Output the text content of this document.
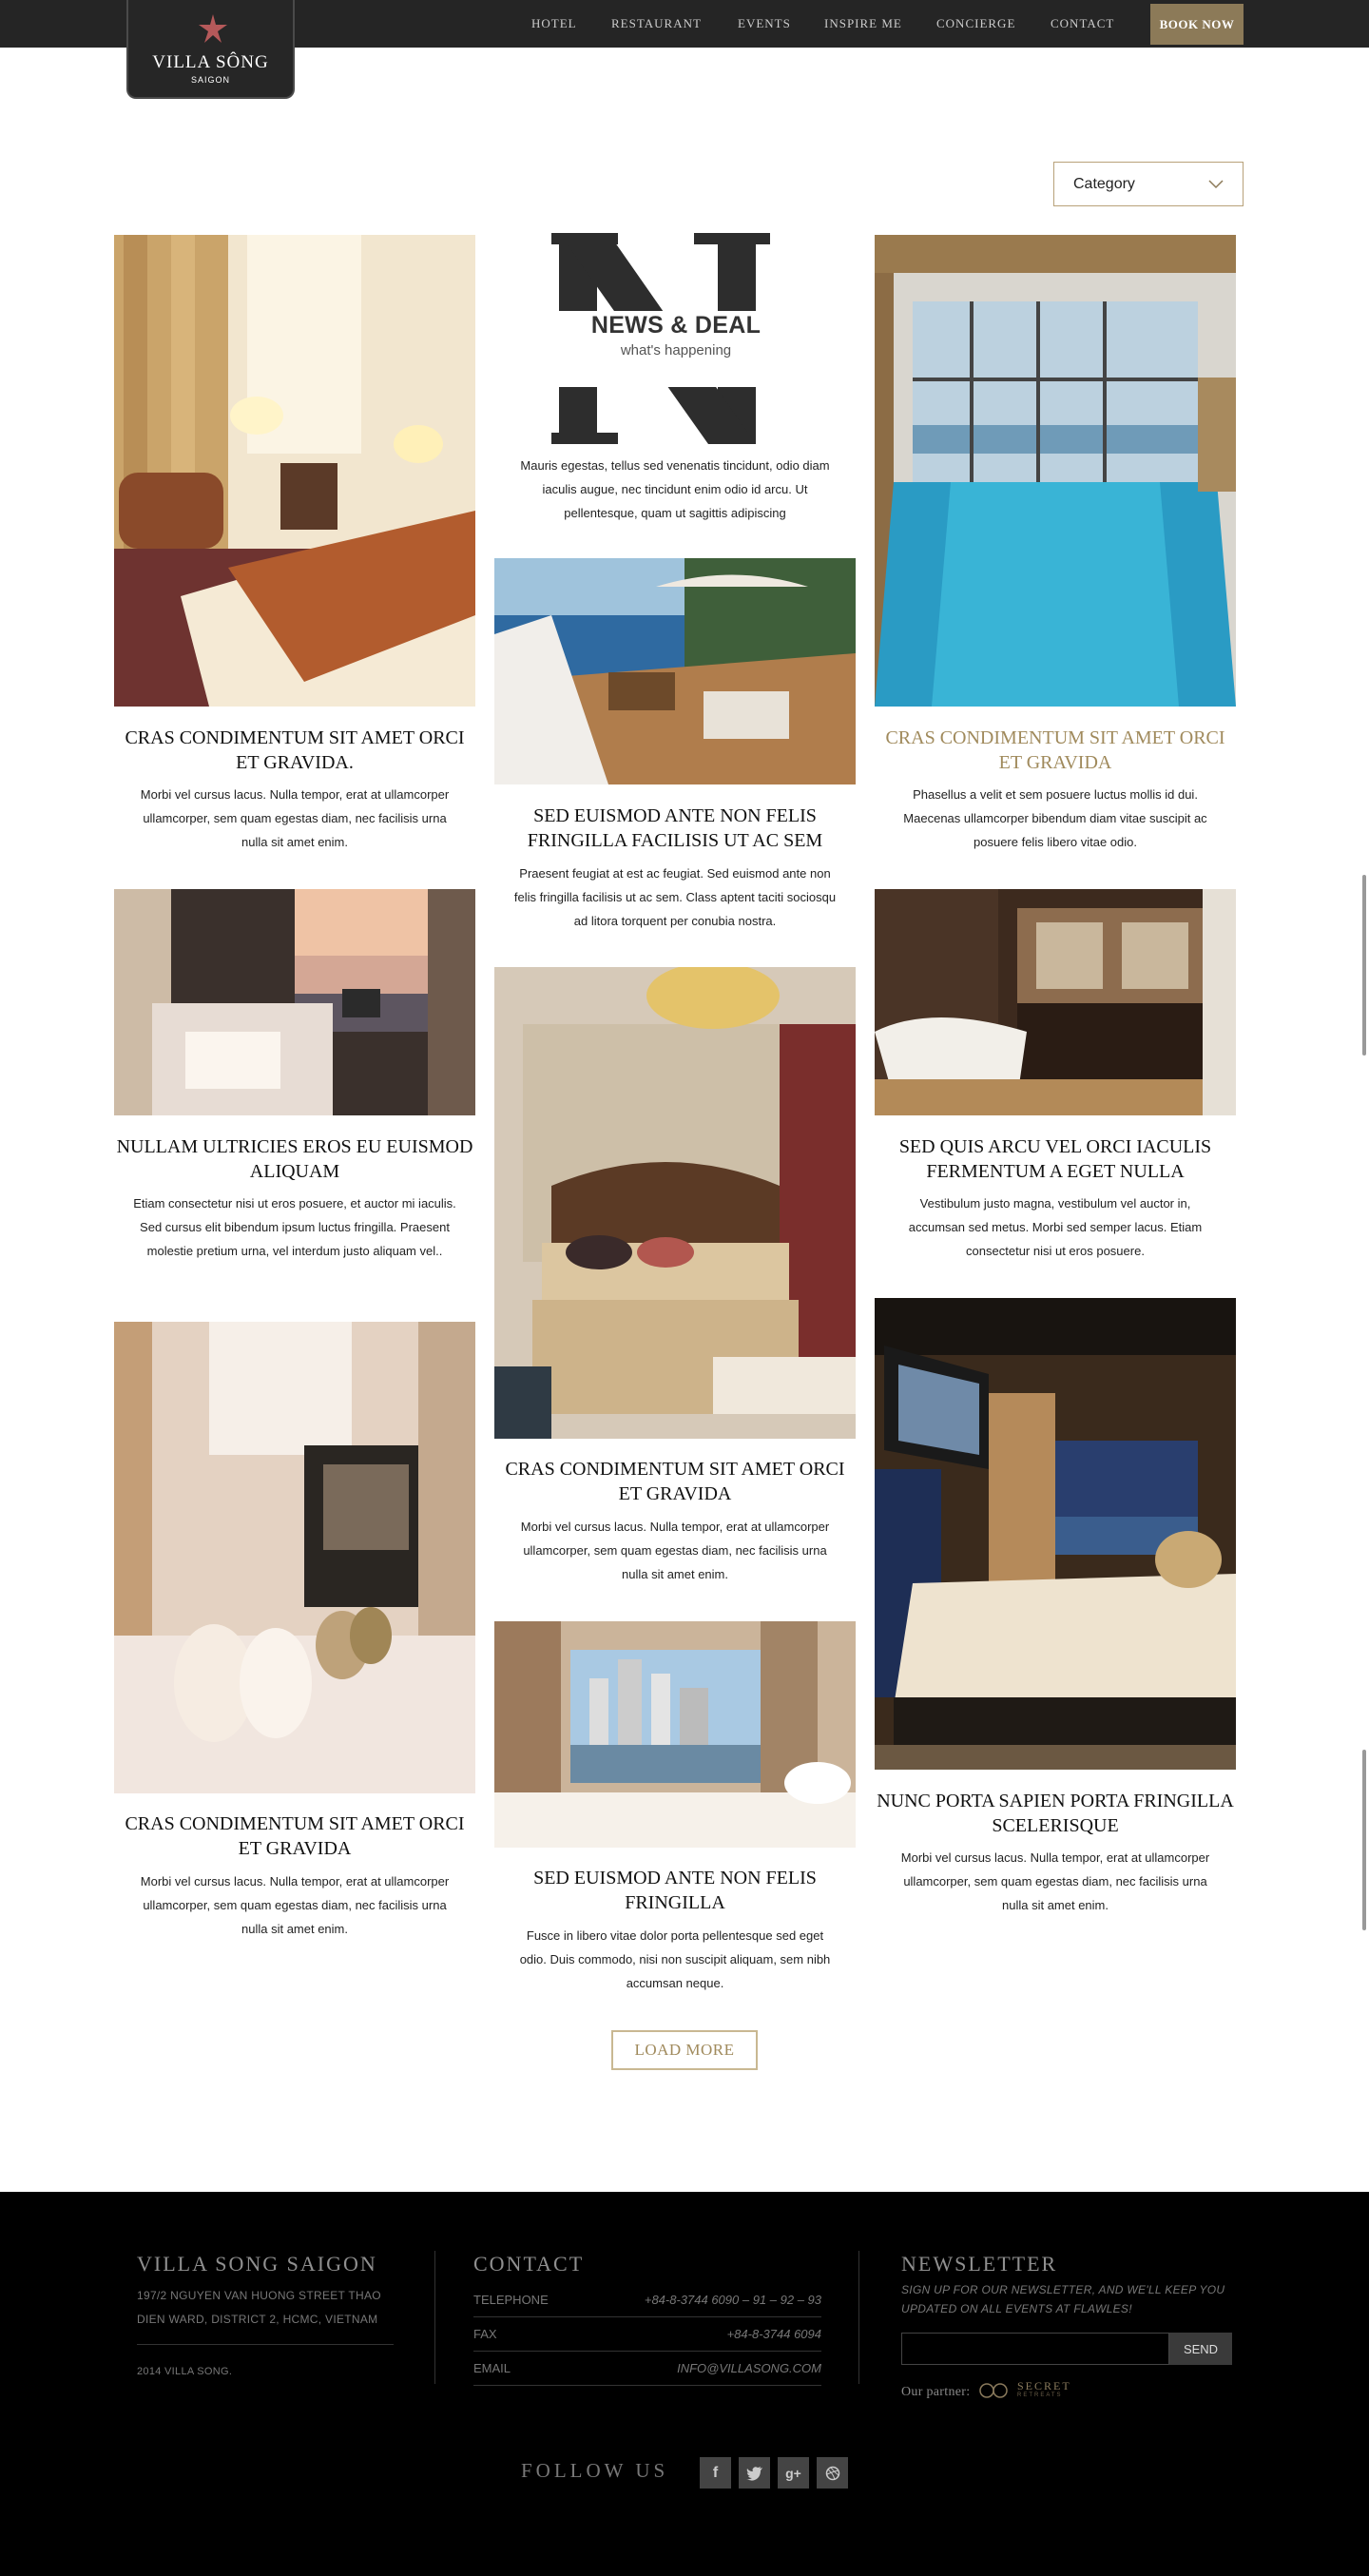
VILLA SÔNG
SAIGON
HOTEL	RESTAURANT	EVENTS	INSPIRE ME	CONCIERGE	CONTACT	BOOK NOW
Category
CRAS CONDIMENTUM SIT AMET ORCI ET GRAVIDA.
Morbi vel cursus lacus. Nulla tempor, erat at ullamcorper ullamcorper, sem quam egestas diam, nec facilisis urna nulla sit amet enim.
NULLAM ULTRICIES EROS EU EUISMOD ALIQUAM
Etiam consectetur nisi ut eros posuere, et auctor mi iaculis. Sed cursus elit bibendum ipsum luctus fringilla. Praesent molestie pretium urna, vel interdum justo aliquam vel..
CRAS CONDIMENTUM SIT AMET ORCI ET GRAVIDA
Morbi vel cursus lacus. Nulla tempor, erat at ullamcorper ullamcorper, sem quam egestas diam, nec facilisis urna nulla sit amet enim.
NEWS & DEAL
what's happening
Mauris egestas, tellus sed venenatis tincidunt, odio diam iaculis augue, nec tincidunt enim odio id arcu. Ut pellentesque, quam ut sagittis adipiscing
SED EUISMOD ANTE NON FELIS FRINGILLA FACILISIS UT AC SEM
Praesent feugiat at est ac feugiat. Sed euismod ante non felis fringilla facilisis ut ac sem. Class aptent taciti sociosqu ad litora torquent per conubia nostra.
CRAS CONDIMENTUM SIT AMET ORCI ET GRAVIDA
Morbi vel cursus lacus. Nulla tempor, erat at ullamcorper ullamcorper, sem quam egestas diam, nec facilisis urna nulla sit amet enim.
SED EUISMOD ANTE NON FELIS FRINGILLA
Fusce in libero vitae dolor porta pellentesque sed eget odio. Duis commodo, nisi non suscipit aliquam, sem nibh accumsan neque.
CRAS CONDIMENTUM SIT AMET ORCI ET GRAVIDA
Phasellus a velit et sem posuere luctus mollis id dui. Maecenas ullamcorper bibendum diam vitae suscipit ac posuere felis libero vitae odio.
SED QUIS ARCU VEL ORCI IACULIS FERMENTUM A EGET NULLA
Vestibulum justo magna, vestibulum vel auctor in, accumsan sed metus. Morbi sed semper lacus. Etiam consectetur nisi ut eros posuere.
NUNC PORTA SAPIEN PORTA FRINGILLA SCELERISQUE
Morbi vel cursus lacus. Nulla tempor, erat at ullamcorper ullamcorper, sem quam egestas diam, nec facilisis urna nulla sit amet enim.
LOAD MORE
VILLA SONG SAIGON
197/2 NGUYEN VAN HUONG STREET THAO
DIEN WARD, DISTRICT 2, HCMC, VIETNAM
2014 VILLA SONG.
CONTACT
TELEPHONE	+84-8-3744 6090 – 91 – 92 – 93
FAX	+84-8-3744 6094
EMAIL	INFO@VILLASONG.COM
NEWSLETTER
SIGN UP FOR OUR NEWSLETTER, AND WE'LL KEEP YOU
UPDATED ON ALL EVENTS AT FLAWLES!
SEND
Our partner:	SECRET
RETREATS
FOLLOW US	f	g+
